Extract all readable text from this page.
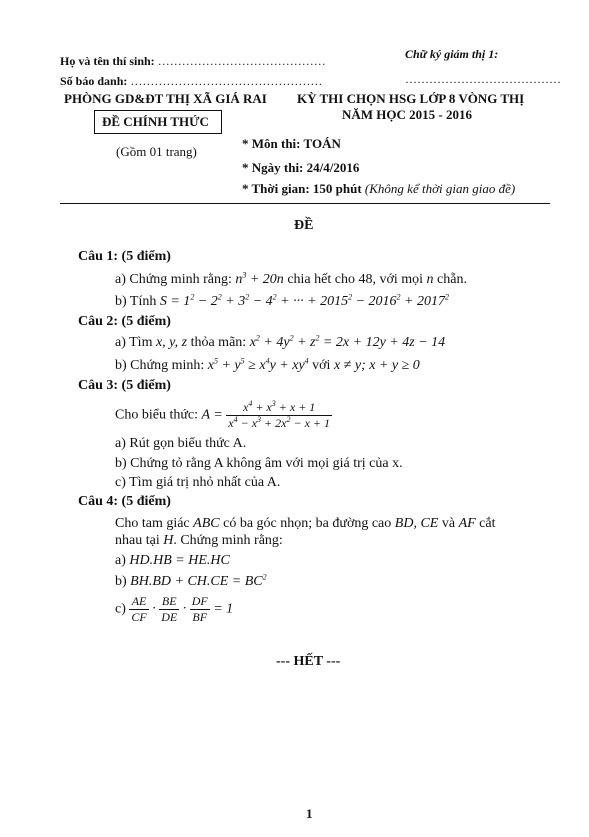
Họ và tên thí sinh: ……………………………………
Số báo danh: …………………………………………
Chữ ký giám thị 1:
…………………………………
PHÒNG GD&ĐT THỊ XÃ GIÁ RAI
ĐỀ CHÍNH THỨC
(Gồm 01 trang)
KỲ THI CHỌN HSG LỚP 8 VÒNG THỊ
NĂM HỌC 2015 - 2016
* Môn thi: TOÁN
* Ngày thi: 24/4/2016
* Thời gian: 150 phút (Không kể thời gian giao đề)
ĐỀ
Câu 1: (5 điểm)
a) Chứng minh rằng: $n^3 + 20n$ chia hết cho 48, với mọi n chẵn.
b) Tính $S = 1^2 - 2^2 + 3^2 - 4^2$ + ··· + $2015^2 - 2016^2 + 2017^2$
Câu 2: (5 điểm)
a) Tìm x, y, z thỏa mãn: $x^2 + 4y^2 + z^2 = 2x + 12y + 4z - 14$
b) Chứng minh: $x^5 + y^5 \ge x^4y + xy^4$ với x ≠ y; x + y ≥ 0
Câu 3: (5 điểm)
Cho biểu thức: $A = \frac{x^4 + x^3 + x + 1}{x^4 - x^3 + 2x^2 - x + 1}$
a) Rút gọn biểu thức A.
b) Chứng tỏ rằng A không âm với mọi giá trị của x.
c) Tìm giá trị nhỏ nhất của A.
Câu 4: (5 điểm)
Cho tam giác ABC có ba góc nhọn; ba đường cao BD, CE và AF cắt
nhau tại H. Chứng minh rằng:
a) HD.HB = HE.HC
b) $BH.BD + CH.CE = BC^2$
$c) \frac{AE}{CF} \cdot \frac{BE}{DE} \cdot \frac{DF}{BF} = 1$
--- HẾT ---
1
